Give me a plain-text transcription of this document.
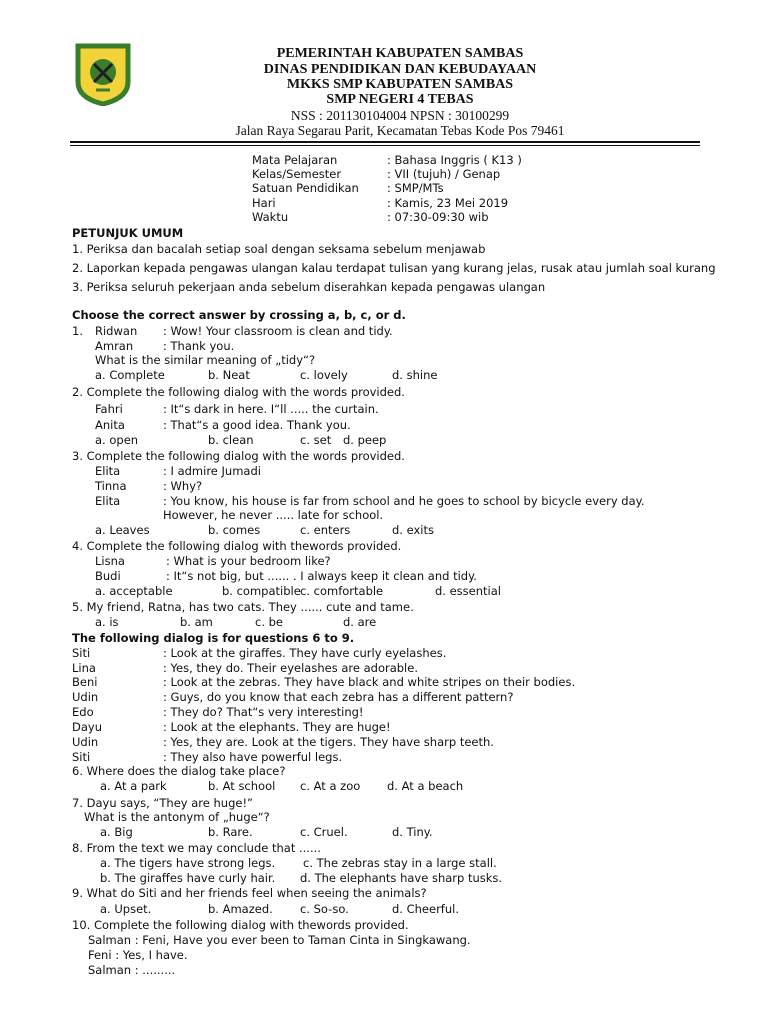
PEMERINTAH KABUPATEN SAMBAS
DINAS PENDIDIKAN DAN KEBUDAYAAN
MKKS SMP KABUPATEN SAMBAS
SMP NEGERI 4 TEBAS
NSS : 201130104004 NPSN : 30100299
Jalan Raya Segarau Parit, Kecamatan Tebas Kode Pos 79461
Mata Pelajaran	: Bahasa Inggris ( K13 )
Kelas/Semester	: VII (tujuh) / Genap
Satuan Pendidikan : SMP/MTs
Hari	: Kamis, 23 Mei 2019
Waktu	: 07:30-09:30 wib
PETUNJUK UMUM
1. Periksa dan bacalah setiap soal dengan seksama sebelum menjawab
2. Laporkan kepada pengawas ulangan kalau terdapat tulisan yang kurang jelas, rusak atau jumlah soal kurang
3. Periksa seluruh pekerjaan anda sebelum diserahkan kepada pengawas ulangan
Choose the correct answer by crossing a, b, c, or d.
1. Ridwan : Wow! Your classroom is clean and tidy.
Amran	: Thank you.
What is the similar meaning of „tidy“?
a. Complete	b. Neat	c. lovely	d. shine
2. Complete the following dialog with the words provided.
Fahri	: It“s dark in here. I“ll ..... the curtain.
Anita	: That“s a good idea. Thank you.
a. open	b. clean	c. set d. peep
3. Complete the following dialog with the words provided.
Elita	: I admire Jumadi
Tinna	: Why?
Elita	: You know, his house is far from school and he goes to school by bicycle every day.
However, he never ..... late for school.
a. Leaves	b. comes	c. enters	d. exits
4. Complete the following dialog with thewords provided.
Lisna	: What is your bedroom like?
Budi	: It“s not big, but ...... . I always keep it clean and tidy.
a. acceptable	b. compatible c. comfortable	d. essential
5. My friend, Ratna, has two cats. They ...... cute and tame.
a. is	b. am	c. be	d. are
The following dialog is for questions 6 to 9.
Siti	: Look at the giraffes. They have curly eyelashes.
Lina	: Yes, they do. Their eyelashes are adorable.
Beni	: Look at the zebras. They have black and white stripes on their bodies.
Udin	: Guys, do you know that each zebra has a different pattern?
Edo	: They do? That“s very interesting!
Dayu	: Look at the elephants. They are huge!
Udin	: Yes, they are. Look at the tigers. They have sharp teeth.
Siti	: They also have powerful legs.
6. Where does the dialog take place?
a. At a park	b. At school c. At a zoo d. At a beach
7. Dayu says, “They are huge!”
What is the antonym of „huge“?
a. Big	b. Rare.	c. Cruel.	d. Tiny.
8. From the text we may conclude that ......
a. The tigers have strong legs. c. The zebras stay in a large stall.
b. The giraffes have curly hair. d. The elephants have sharp tusks.
9. What do Siti and her friends feel when seeing the animals?
a. Upset.	b. Amazed. c. So-so.	d. Cheerful.
10. Complete the following dialog with thewords provided.
Salman : Feni, Have you ever been to Taman Cinta in Singkawang.
Feni : Yes, I have.
Salman : .........
